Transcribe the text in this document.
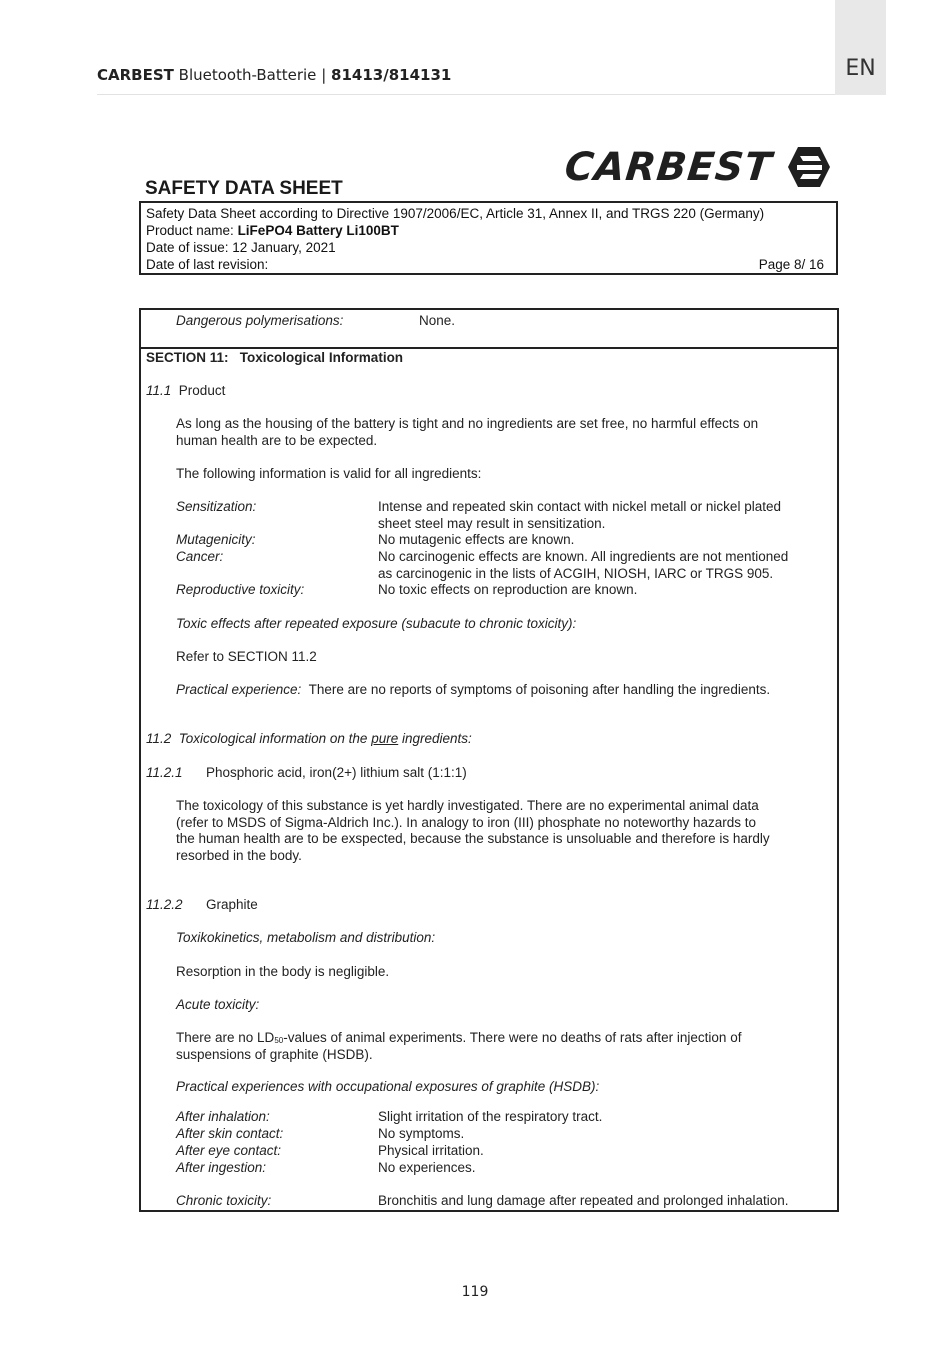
EN
CARBEST Bluetooth-Batterie | 81413/814131
CARBEST
SAFETY DATA SHEET
Safety Data Sheet according to Directive 1907/2006/EC, Article 31, Annex II, and TRGS 220 (Germany)
Product name: LiFePO4 Battery Li100BT
Date of issue: 12 January, 2021
Date of last revision:	Page 8/ 16
Dangerous polymerisations:	None.
SECTION 11: Toxicological Information
11.1 Product
As long as the housing of the battery is tight and no ingredients are set free, no harmful effects on
human health are to be expected.
The following information is valid for all ingredients:
Sensitization:	Intense and repeated skin contact with nickel metall or nickel plated
sheet steel may result in sensitization.
Mutagenicity:	No mutagenic effects are known.
Cancer:	No carcinogenic effects are known. All ingredients are not mentioned
as carcinogenic in the lists of ACGIH, NIOSH, IARC or TRGS 905.
Reproductive toxicity:	No toxic effects on reproduction are known.
Toxic effects after repeated exposure (subacute to chronic toxicity):
Refer to SECTION 11.2
Practical experience: There are no reports of symptoms of poisoning after handling the ingredients.
11.2 Toxicological information on the pure ingredients:
11.2.1 Phosphoric acid, iron(2+) lithium salt (1:1:1)
The toxicology of this substance is yet hardly investigated. There are no experimental animal data
(refer to MSDS of Sigma-Aldrich Inc.). In analogy to iron (III) phosphate no noteworthy hazards to
the human health are to be exspected, because the substance is unsoluable and therefore is hardly
resorbed in the body.
11.2.2 Graphite
Toxikokinetics, metabolism and distribution:
Resorption in the body is negligible.
Acute toxicity:
There are no $LD_{50}$-values of animal experiments. There were no deaths of rats after injection of
suspensions of graphite (HSDB).
Practical experiences with occupational exposures of graphite (HSDB):
After inhalation:	Slight irritation of the respiratory tract.
After skin contact:	No symptoms.
After eye contact:	Physical irritation.
After ingestion:	No experiences.
Chronic toxicity:	Bronchitis and lung damage after repeated and prolonged inhalation.
119
